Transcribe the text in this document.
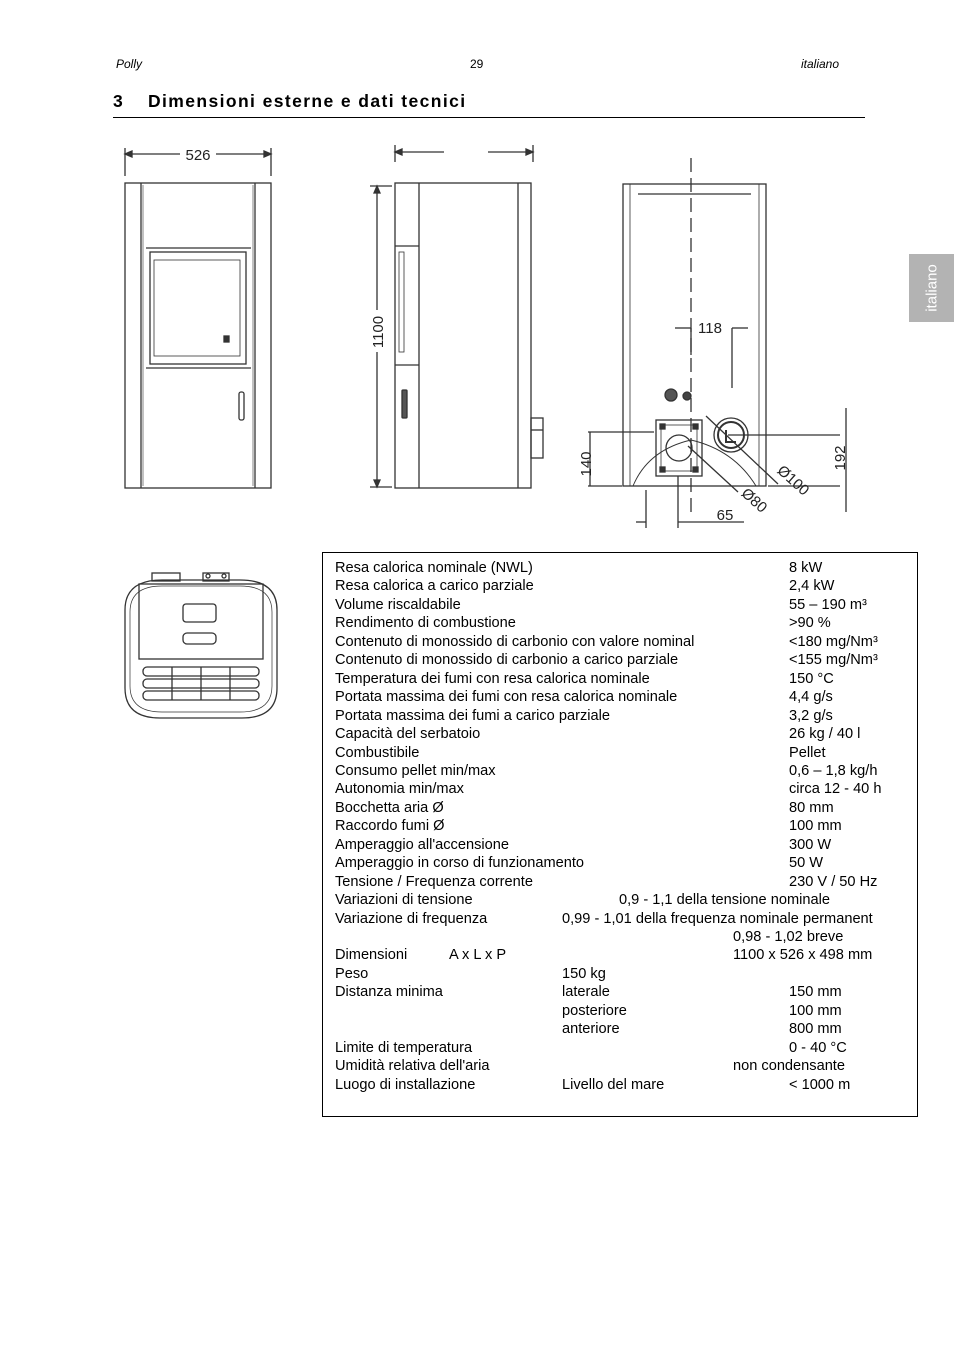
Polly	29	italiano
3 Dimensioni esterne e dati tecnici
italiano
526
1100	118
192
140
65 Ø80
Ø100
Resa calorica nominale (NWL)	8 kW
Resa calorica a carico parziale	2,4 kW
Volume riscaldabile	55 – 190 m³
Rendimento di combustione	>90 %
Contenuto di monossido di carbonio con valore nominal	<180 mg/Nm³
Contenuto di monossido di carbonio a carico parziale	<155 mg/Nm³
Temperatura dei fumi con resa calorica nominale	150 °C
Portata massima dei fumi con resa calorica nominale	4,4 g/s
Portata massima dei fumi a carico parziale	3,2 g/s
Capacità del serbatoio	26 kg / 40 l
Combustibile	Pellet
Consumo pellet min/max	0,6 – 1,8 kg/h
Autonomia min/max	circa 12 - 40 h
Bocchetta aria Ø	80 mm
Raccordo fumi Ø	100 mm
Amperaggio all'accensione	300 W
Amperaggio in corso di funzionamento	50 W
Tensione / Frequenza corrente	230 V / 50 Hz
Variazioni di tensione	0,9 - 1,1 della tensione nominale
Variazione di frequenza	0,99 - 1,01 della frequenza nominale permanent
0,98 - 1,02 breve
Dimensioni	A x L x P	1100 x 526 x 498 mm
Peso	150 kg
Distanza minima	laterale	150 mm
posteriore	100 mm
anteriore	800 mm
Limite di temperatura	0 - 40 °C
Umidità relativa dell'aria	non condensante
Luogo di installazione	Livello del mare	< 1000 m
